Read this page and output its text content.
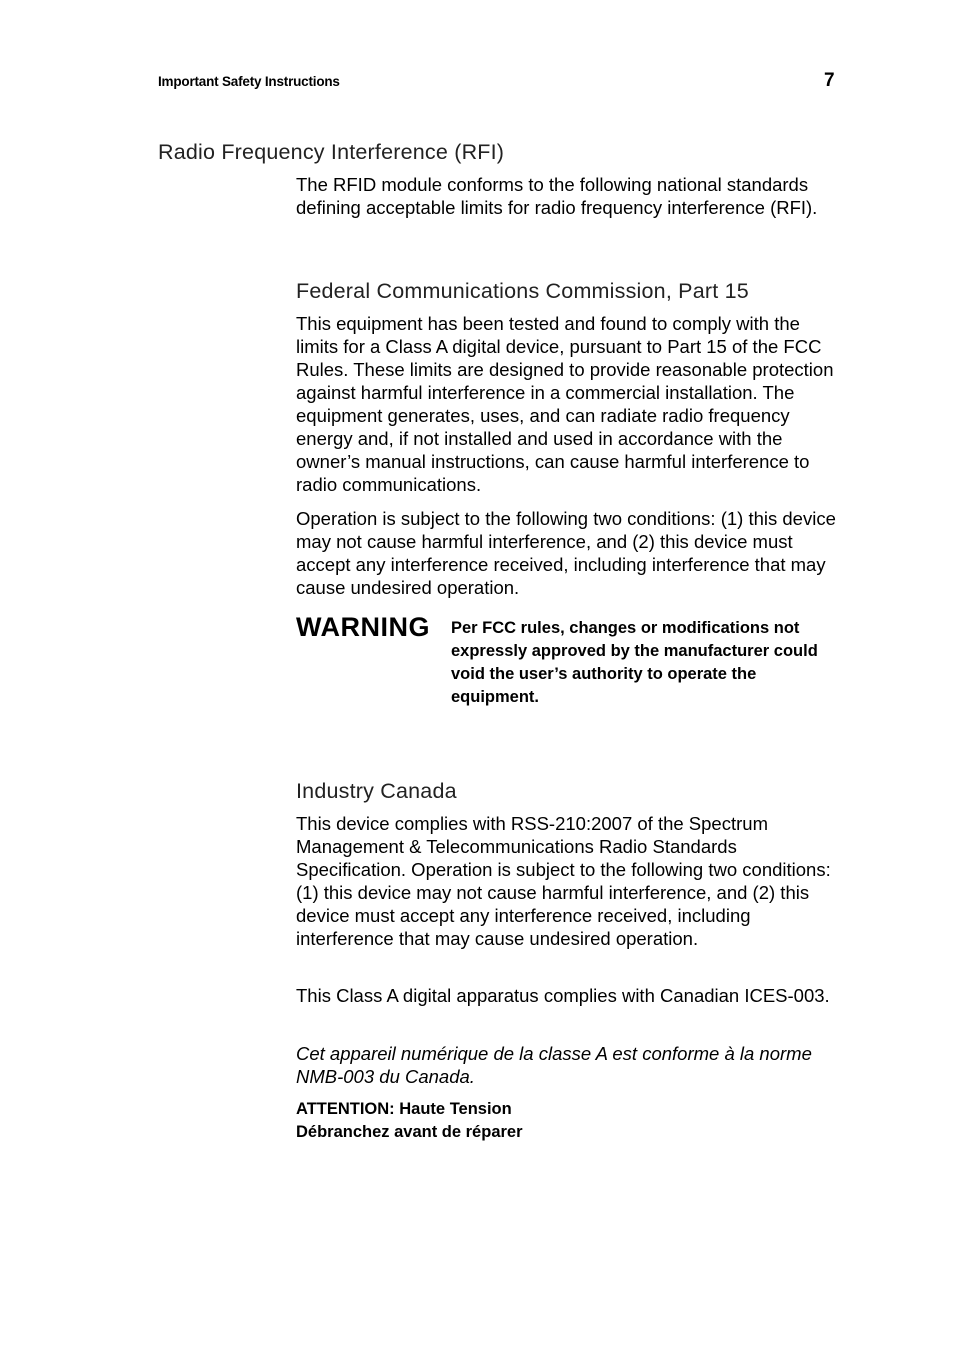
Important Safety Instructions	7
Radio Frequency Interference (RFI)

The RFID module conforms to the following national standards defining acceptable limits for radio frequency interference (RFI).

Federal Communications Commission, Part 15

This equipment has been tested and found to comply with the limits for a Class A digital device, pursuant to Part 15 of the FCC Rules. These limits are designed to provide reasonable protection against harmful interference in a commercial installation. The equipment generates, uses, and can radiate radio frequency energy and, if not installed and used in accordance with the owner’s manual instructions, can cause harmful interference to radio communications.

Operation is subject to the following two conditions: (1) this device may not cause harmful interference, and (2) this device must accept any interference received, including interference that may cause undesired operation.

WARNING Per FCC rules, changes or modifications not expressly approved by the manufacturer could void the user’s authority to operate the equipment.
Industry Canada

This device complies with RSS-210:2007 of the Spectrum Management & Telecommunications Radio Standards Specification. Operation is subject to the following two conditions: (1) this device may not cause harmful interference, and (2) this device must accept any interference received, including interference that may cause undesired operation.

This Class A digital apparatus complies with Canadian ICES-003.

Cet appareil numérique de la classe A est conforme à la norme NMB-003 du Canada.

ATTENTION: Haute Tension
Débranchez avant de réparer
